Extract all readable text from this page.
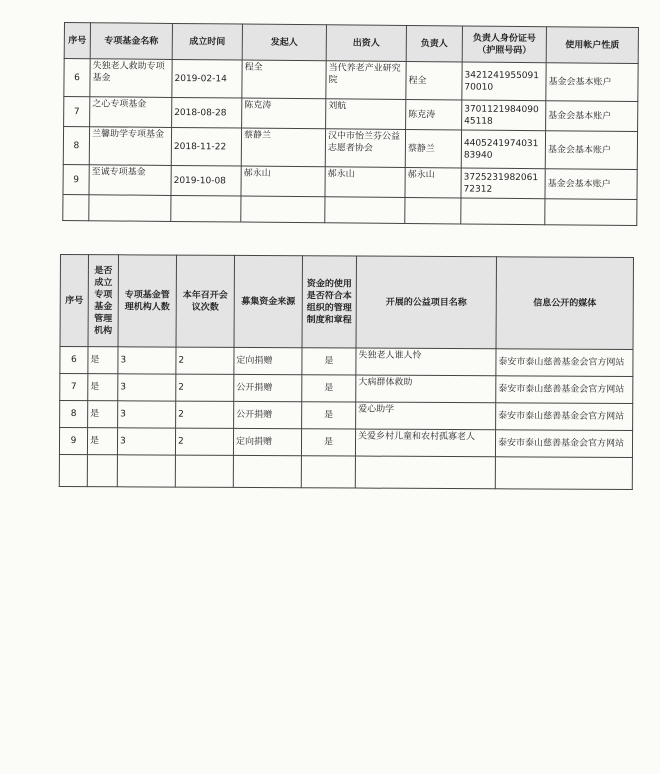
序号	专项基金名称	成立时间	发起人	出资人	负责人	负责人身份证号（护照号码）	使用帐户性质
6	失独老人救助专项基金	2019-02-14	程全	当代养老产业研究院	程全	342124195509170010	基金会基本账户
7	之心专项基金	2018-08-28	陈克涛	刘航	陈克涛	370112198409045118	基金会基本账户
8	兰馨助学专项基金	2018-11-22	蔡静兰	汉中市怡兰芬公益志愿者协会	蔡静兰	440524197403183940	基金会基本账户
9	至诚专项基金	2019-10-08	郝永山	郝永山	郝永山	372523198206172312	基金会基本账户

序号	是否成立专项基金管理机构	专项基金管理机构人数	本年召开会议次数	募集资金来源	资金的使用是否符合本组织的管理制度和章程	开展的公益项目名称	信息公开的媒体
6	是	3	2	定向捐赠	是	失独老人谁人怜	泰安市泰山慈善基金会官方网站
7	是	3	2	公开捐赠	是	大病群体救助	泰安市泰山慈善基金会官方网站
8	是	3	2	公开捐赠	是	爱心助学	泰安市泰山慈善基金会官方网站
9	是	3	2	定向捐赠	是	关爱乡村儿童和农村孤寡老人	泰安市泰山慈善基金会官方网站
